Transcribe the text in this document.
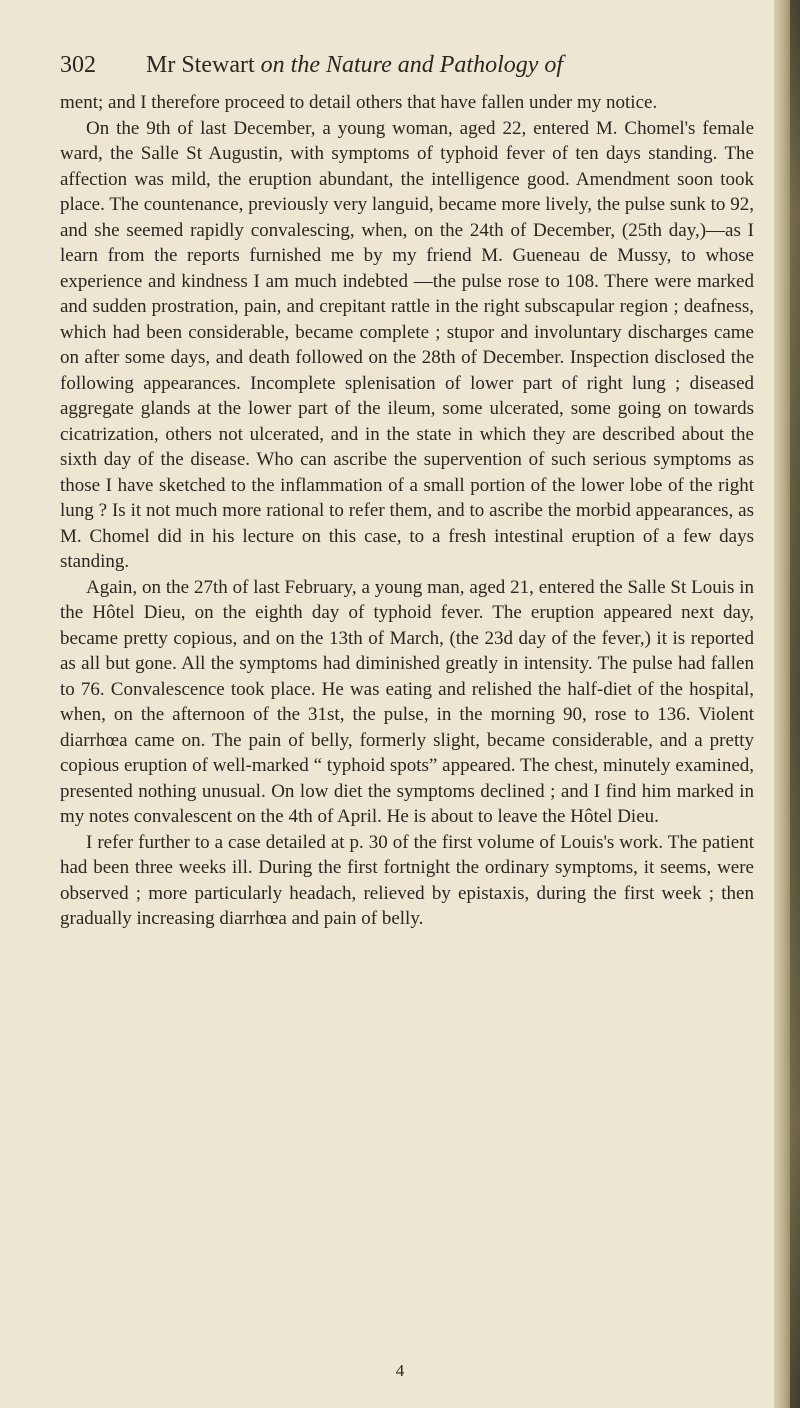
302 Mr Stewart on the Nature and Pathology of

ment; and I therefore proceed to detail others that have fallen under my notice.

On the 9th of last December, a young woman, aged 22, entered M. Chomel's female ward, the Salle St Augustin, with symptoms of typhoid fever of ten days standing. The affection was mild, the eruption abundant, the intelligence good. Amendment soon took place. The countenance, previously very languid, became more lively, the pulse sunk to 92, and she seemed rapidly convalescing, when, on the 24th of December, (25th day,)—as I learn from the reports furnished me by my friend M. Gueneau de Mussy, to whose experience and kindness I am much indebted —the pulse rose to 108. There were marked and sudden prostration, pain, and crepitant rattle in the right subscapular region ; deafness, which had been considerable, became complete ; stupor and involuntary discharges came on after some days, and death followed on the 28th of December. Inspection disclosed the following appearances. Incomplete splenisation of lower part of right lung ; diseased aggregate glands at the lower part of the ileum, some ulcerated, some going on towards cicatrization, others not ulcerated, and in the state in which they are described about the sixth day of the disease. Who can ascribe the supervention of such serious symptoms as those I have sketched to the inflammation of a small portion of the lower lobe of the right lung ? Is it not much more rational to refer them, and to ascribe the morbid appearances, as M. Chomel did in his lecture on this case, to a fresh intestinal eruption of a few days standing.

Again, on the 27th of last February, a young man, aged 21, entered the Salle St Louis in the Hôtel Dieu, on the eighth day of typhoid fever. The eruption appeared next day, became pretty copious, and on the 13th of March, (the 23d day of the fever,) it is reported as all but gone. All the symptoms had diminished greatly in intensity. The pulse had fallen to 76. Convalescence took place. He was eating and relished the half-diet of the hospital, when, on the afternoon of the 31st, the pulse, in the morning 90, rose to 136. Violent diarrhœa came on. The pain of belly, formerly slight, became considerable, and a pretty copious eruption of well-marked “ typhoid spots” appeared. The chest, minutely examined, presented nothing unusual. On low diet the symptoms declined ; and I find him marked in my notes convalescent on the 4th of April. He is about to leave the Hôtel Dieu.

I refer further to a case detailed at p. 30 of the first volume of Louis's work. The patient had been three weeks ill. During the first fortnight the ordinary symptoms, it seems, were observed ; more particularly headach, relieved by epistaxis, during the first week ; then gradually increasing diarrhœa and pain of belly.

4
